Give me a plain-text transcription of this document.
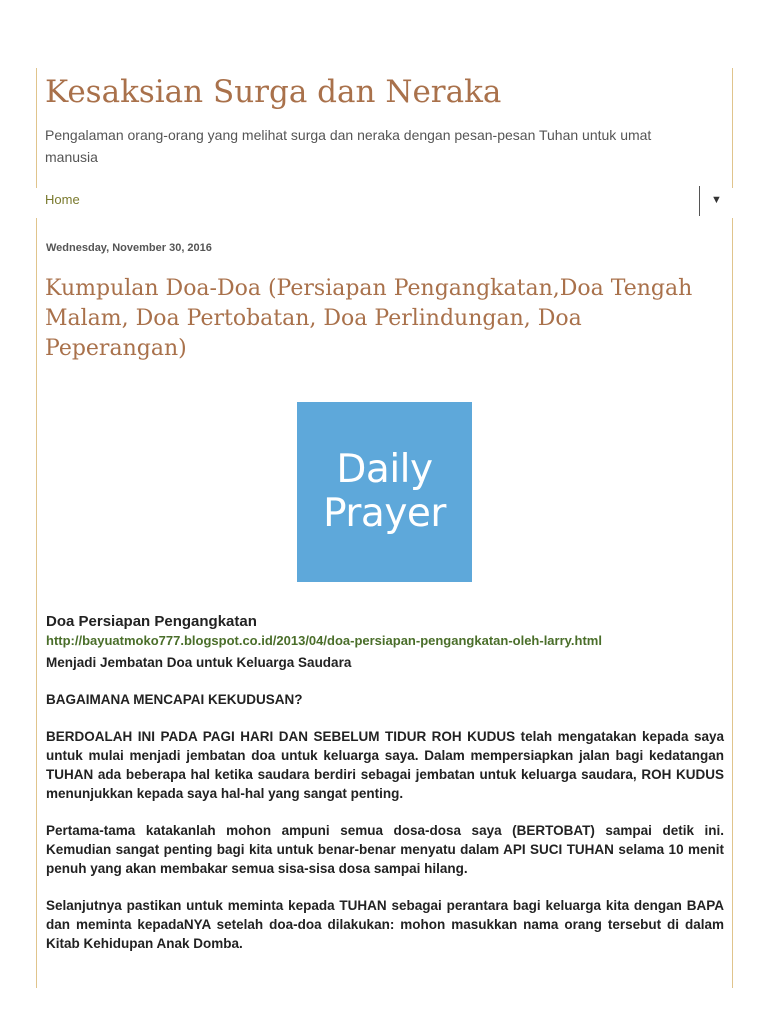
Kesaksian Surga dan Neraka
Pengalaman orang-orang yang melihat surga dan neraka dengan pesan-pesan Tuhan untuk umat manusia
Home	▼
Wednesday, November 30, 2016
Kumpulan Doa-Doa (Persiapan Pengangkatan,Doa Tengah Malam, Doa Pertobatan, Doa Perlindungan, Doa Peperangan)
Daily
Prayer
Doa Persiapan Pengangkatan
http://bayuatmoko777.blogspot.co.id/2013/04/doa-persiapan-pengangkatan-oleh-larry.html

Menjadi Jembatan Doa untuk Keluarga Saudara

BAGAIMANA MENCAPAI KEKUDUSAN?

BERDOALAH INI PADA PAGI HARI DAN SEBELUM TIDUR ROH KUDUS telah mengatakan kepada saya untuk mulai menjadi jembatan doa untuk keluarga saya. Dalam mempersiapkan jalan bagi kedatangan TUHAN ada beberapa hal ketika saudara berdiri sebagai jembatan untuk keluarga saudara, ROH KUDUS menunjukkan kepada saya hal-hal yang sangat penting.

Pertama-tama katakanlah mohon ampuni semua dosa-dosa saya (BERTOBAT) sampai detik ini. Kemudian sangat penting bagi kita untuk benar-benar menyatu dalam API SUCI TUHAN selama 10 menit penuh yang akan membakar semua sisa-sisa dosa sampai hilang.

Selanjutnya pastikan untuk meminta kepada TUHAN sebagai perantara bagi keluarga kita dengan BAPA dan meminta kepadaNYA setelah doa-doa dilakukan: mohon masukkan nama orang tersebut di dalam Kitab Kehidupan Anak Domba.
